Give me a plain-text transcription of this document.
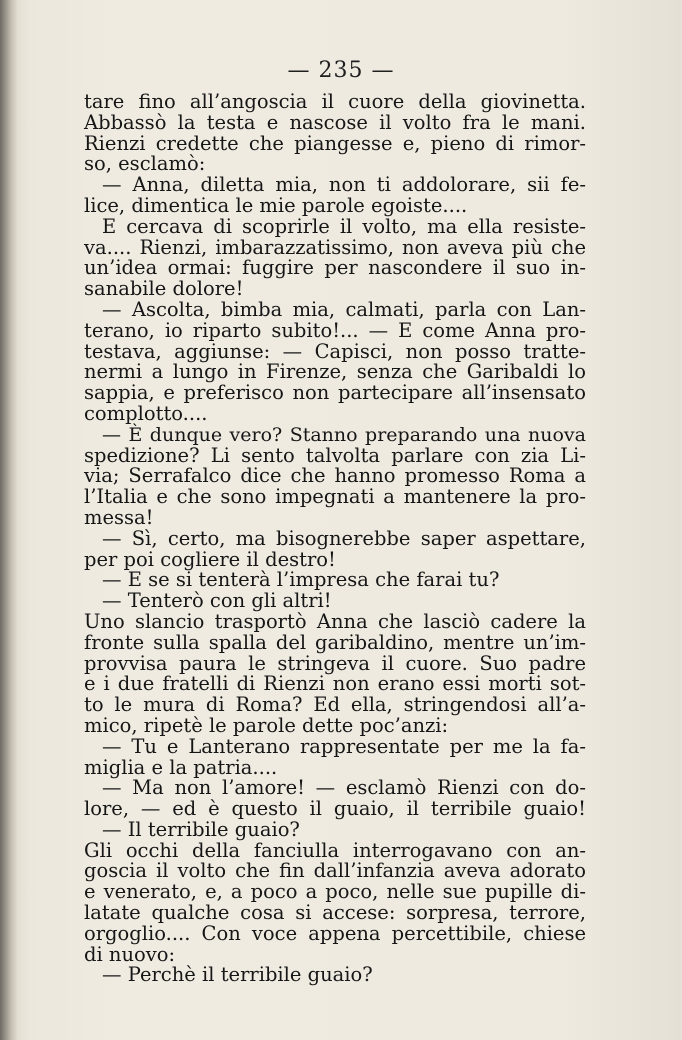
— 235 —
tare fino all’angoscia il cuore della giovinetta.
Abbassò la testa e nascose il volto fra le mani.
Rienzi credette che piangesse e, pieno di rimor-
so, esclamò:
— Anna, diletta mia, non ti addolorare, sii fe-
lice, dimentica le mie parole egoiste....
E cercava di scoprirle il volto, ma ella resiste-
va.... Rienzi, imbarazzatissimo, non aveva più che
un’idea ormai: fuggire per nascondere il suo in-
sanabile dolore!
— Ascolta, bimba mia, calmati, parla con Lan-
terano, io riparto subito!... — E come Anna pro-
testava, aggiunse: — Capisci, non posso tratte-
nermi a lungo in Firenze, senza che Garibaldi lo
sappia, e preferisco non partecipare all’insensato
complotto....
— È dunque vero? Stanno preparando una nuova
spedizione? Li sento talvolta parlare con zia Li-
via; Serrafalco dice che hanno promesso Roma a
l’Italia e che sono impegnati a mantenere la pro-
messa!
— Sì, certo, ma bisognerebbe saper aspettare,
per poi cogliere il destro!
— E se si tenterà l’impresa che farai tu?
— Tenterò con gli altri!
Uno slancio trasportò Anna che lasciò cadere la
fronte sulla spalla del garibaldino, mentre un’im-
provvisa paura le stringeva il cuore. Suo padre
e i due fratelli di Rienzi non erano essi morti sot-
to le mura di Roma? Ed ella, stringendosi all’a-
mico, ripetè le parole dette poc’anzi:
— Tu e Lanterano rappresentate per me la fa-
miglia e la patria....
— Ma non l’amore! — esclamò Rienzi con do-
lore, — ed è questo il guaio, il terribile guaio!
— Il terribile guaio?
Gli occhi della fanciulla interrogavano con an-
goscia il volto che fin dall’infanzia aveva adorato
e venerato, e, a poco a poco, nelle sue pupille di-
latate qualche cosa si accese: sorpresa, terrore,
orgoglio.... Con voce appena percettibile, chiese
di nuovo:
— Perchè il terribile guaio?
